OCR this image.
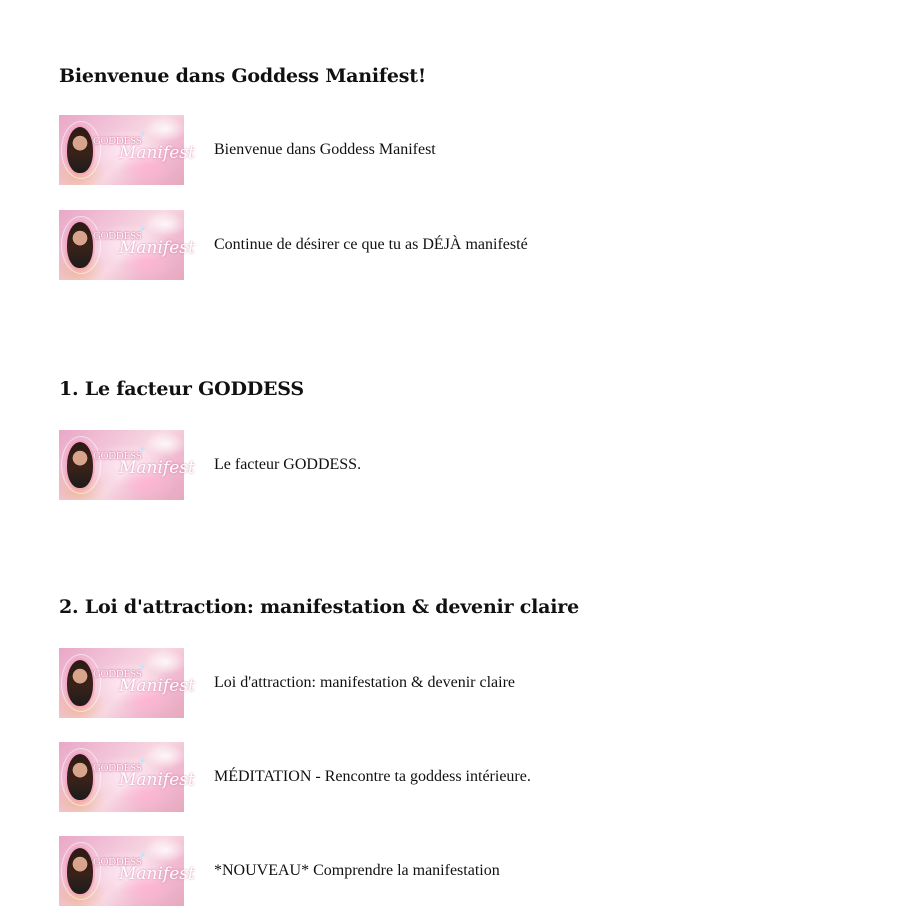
Bienvenue dans Goddess Manifest!
GODDESS
✦
Manifest Bienvenue dans Goddess Manifest
GODDESS
✦
Manifest Continue de désirer ce que tu as DÉJÀ manifesté
1. Le facteur GODDESS
GODDESS
✦
Manifest Le facteur GODDESS.
2. Loi d'attraction: manifestation & devenir claire
GODDESS
✦
Manifest Loi d'attraction: manifestation & devenir claire
GODDESS
✦
Manifest MÉDITATION - Rencontre ta goddess intérieure.
GODDESS
✦
Manifest *NOUVEAU* Comprendre la manifestation
